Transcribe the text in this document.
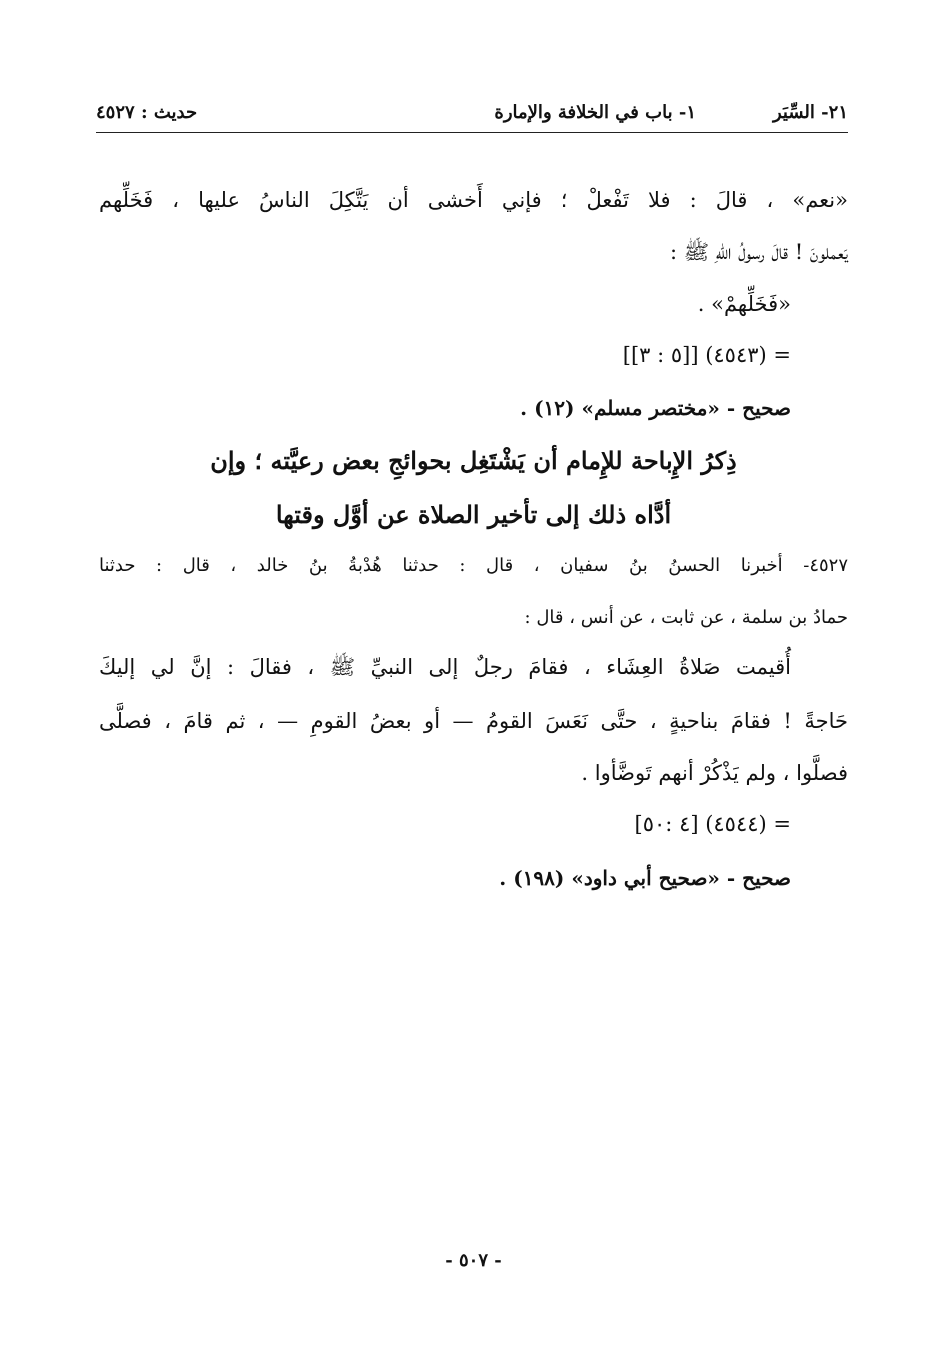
٢١- السِّيَر
١- باب في الخلافة والإمارة
حديث : ٤٥٢٧
«نعم» ، قالَ : فلا تَفْعلْ ؛ فإني أَخشى أن يَتَّكِلَ الناسُ عليها ، فَخَلِّهم
يَعملونَ ! قالَ رسولُ اللّهِ ﷺ :
«فَخَلِّهمْ» .
= (٤٥٤٣) [[٥ : ٣]]
صحيح - «مختصر مسلم» (١٢) .
ذِكرُ الإِباحة للإِمام أن يَشْتَغِل بحوائجِ بعض رعيَّته ؛ وإن
أدَّاه ذلك إلى تأخير الصلاة عن أوَّل وقتها
٤٥٢٧- أخبرنا الحسنُ بنُ سفيان ، قال : حدثنا هُدْبةُ بنُ خالد ، قال : حدثنا
حمادُ بن سلمة ، عن ثابت ، عن أنس ، قال :
أُقيمت صَلاةُ العِشَاء ، فقامَ رجلٌ إلى النبيِّ ﷺ ، فقالَ : إنَّ لي إليكَ
حَاجةً ! فقامَ بناحيةٍ ، حتَّى نَعَسَ القومُ — أو بعضُ القومِ — ، ثم قامَ ، فصلَّى
فصلَّوا ، ولم يَذْكُرْ أنهم تَوضَّأوا .
= (٤٥٤٤) [٤ :٥٠]
صحيح - «صحيح أبي داود» (١٩٨) .
- ٥٠٧ -
